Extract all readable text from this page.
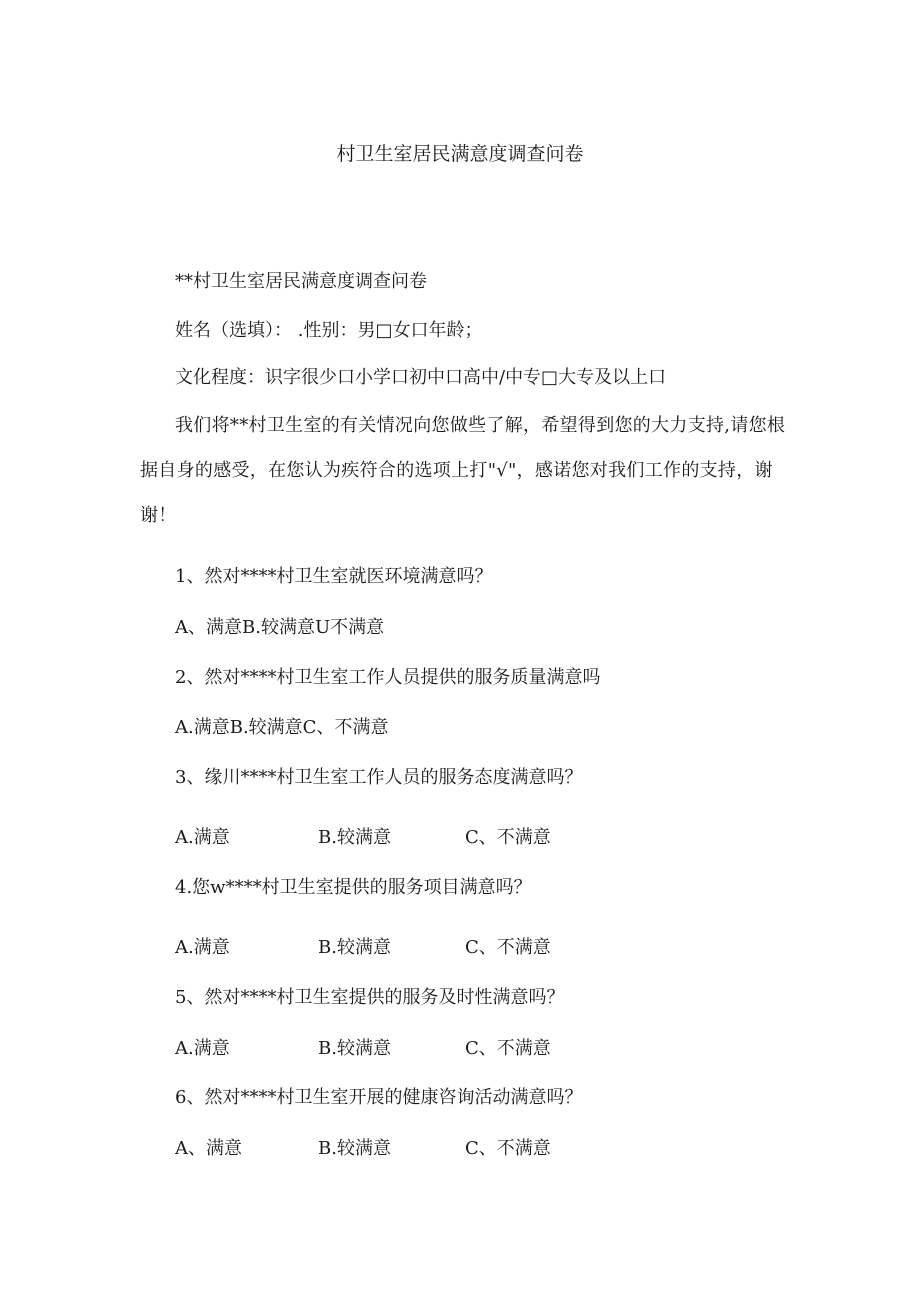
村卫生室居民满意度调查问卷
**村卫生室居民满意度调查问卷
姓名（选填）： .性别：男□女口年龄；
文化程度：识字很少口小学口初中口高中/中专□大专及以上口
我们将**村卫生室的有关情况向您做些了解，希望得到您的大力支持,请您根据自身的感受，在您认为疾符合的选项上打"√"，感诺您对我们工作的支持，谢谢！
1、然对****村卫生室就医环境满意吗？
A、满意B.较满意U不满意
2、然对****村卫生室工作人员提供的服务质量满意吗
A.满意B.较满意C、不满意
3、缘川****村卫生室工作人员的服务态度满意吗？
A.满意	B.较满意	C、不满意
4.您w****村卫生室提供的服务项目满意吗？
A.满意	B.较满意	C、不满意
5、然对****村卫生室提供的服务及时性满意吗？
A.满意	B.较满意	C、不满意
6、然对****村卫生室开展的健康咨询活动满意吗？
A、满意	B.较满意	C、不满意
